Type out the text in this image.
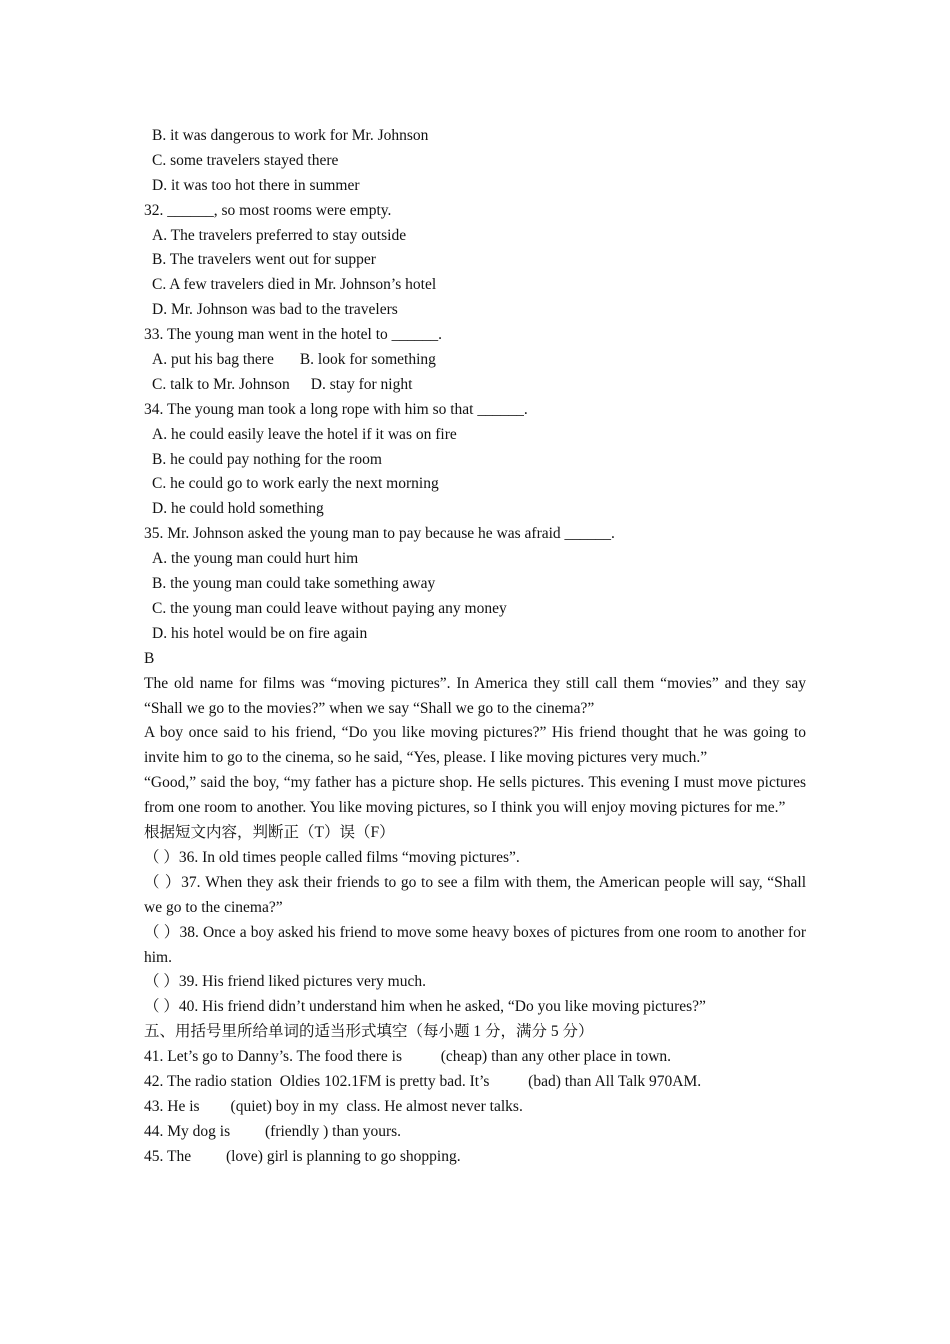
B. it was dangerous to work for Mr. Johnson
C. some travelers stayed there
D. it was too hot there in summer
32. ______, so most rooms were empty.
A. The travelers preferred to stay outside
B. The travelers went out for supper
C. A few travelers died in Mr. Johnson’s hotel
D. Mr. Johnson was bad to the travelers
33. The young man went in the hotel to ______.
A. put his bag there B. look for something
C. talk to Mr. Johnson D. stay for night
34. The young man took a long rope with him so that ______.
A. he could easily leave the hotel if it was on fire
B. he could pay nothing for the room
C. he could go to work early the next morning
D. he could hold something
35. Mr. Johnson asked the young man to pay because he was afraid ______.
A. the young man could hurt him
B. the young man could take something away
C. the young man could leave without paying any money
D. his hotel would be on fire again
B
The old name for films was “moving pictures”. In America they still call them “movies” and they say “Shall we go to the movies?” when we say “Shall we go to the cinema?”
A boy once said to his friend, “Do you like moving pictures?” His friend thought that he was going to invite him to go to the cinema, so he said, “Yes, please. I like moving pictures very much.”
“Good,” said the boy, “my father has a picture shop. He sells pictures. This evening I must move pictures from one room to another. You like moving pictures, so I think you will enjoy moving pictures for me.”
根据短文内容，判断正（T）误（F）
（ ）36. In old times people called films “moving pictures”.
（ ）37. When they ask their friends to go to see a film with them, the American people will say, “Shall we go to the cinema?”
（ ）38. Once a boy asked his friend to move some heavy boxes of pictures from one room to another for him.
（ ）39. His friend liked pictures very much.
（ ）40. His friend didn’t understand him when he asked, “Do you like moving pictures?”
五、用括号里所给单词的适当形式填空（每小题 1 分，满分 5 分）
41. Let’s go to Danny’s. The food there is          (cheap) than any other place in town.
42. The radio station  Oldies 102.1FM is pretty bad. It’s          (bad) than All Talk 970AM.
43. He is        (quiet) boy in my  class. He almost never talks.
44. My dog is         (friendly ) than yours.
45. The         (love) girl is planning to go shopping.
